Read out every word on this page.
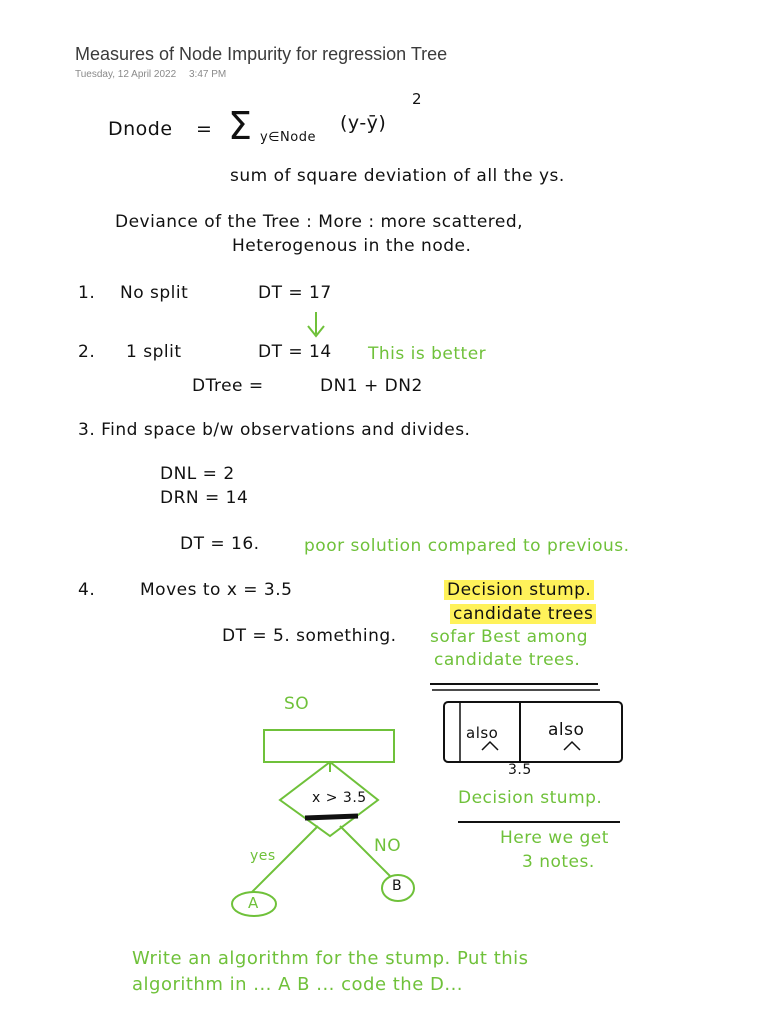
Measures of Node Impurity for regression Tree
Tuesday, 12 April 2022 3:47 PM
Dnode = Σ y∈Node
(y-ȳ)
2
sum of square deviation of all the ys.
Deviance of the Tree : More : more scattered,
Heterogenous in the node.
1. No split	DT = 17
2. 1 split	DT = 14 This is better
DTree =	DN1 + DN2
3. Find space b/w observations and divides.
DNL = 2
DRN = 14
DT = 16.	poor solution compared to previous.
4.	Moves to x = 3.5
DT = 5. something.
Decision stump.
candidate trees
sofar Best among
candidate trees.
SO
x > 3.5
yes	NO
A
B
also	also
3.5
Decision stump.
Here we get
3 notes.
Write an algorithm for the stump. Put this
algorithm in ... A B ... code the D...
